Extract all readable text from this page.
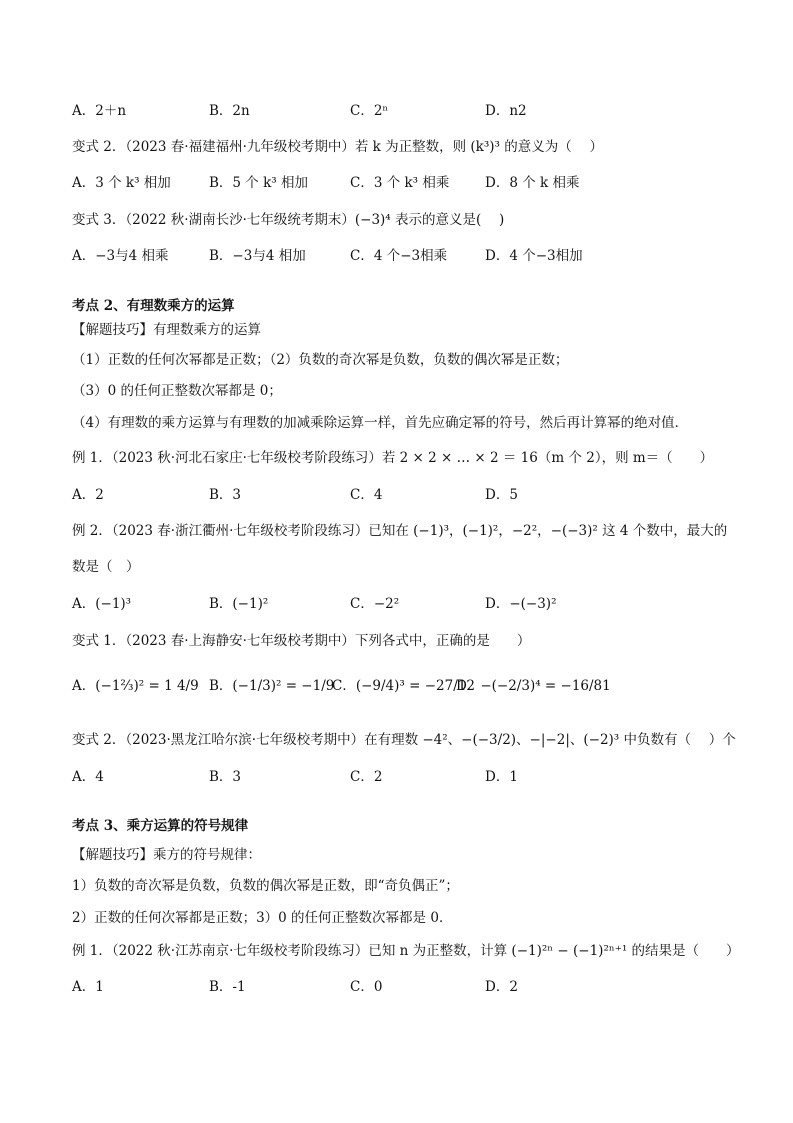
A．2＋n	B．2n	C．2ⁿ	D．n2
变式 2．（2023 春·福建福州·九年级校考期中）若 k 为正整数，则 (k³)³ 的意义为（　 ）
A．3 个 k³ 相加	B．5 个 k³ 相加	C．3 个 k³ 相乘	D．8 个 k 相乘
变式 3．（2022 秋·湖南长沙·七年级统考期末）(−3)⁴ 表示的意义是(　 )
A．−3与4 相乘	B．−3与4 相加	C．4 个−3相乘	D．4 个−3相加
考点 2、有理数乘方的运算
【解题技巧】有理数乘方的运算
（1）正数的任何次幂都是正数；（2）负数的奇次幂是负数，负数的偶次幂是正数；
（3）0 的任何正整数次幂都是 0；
（4）有理数的乘方运算与有理数的加减乘除运算一样，首先应确定幂的符号，然后再计算幂的绝对值．
例 1．（2023 秋·河北石家庄·七年级校考阶段练习）若 2 × 2 × … × 2 ＝ 16（m 个 2），则 m＝（　　）
A．2	B．3	C．4	D．5
例 2．（2023 春·浙江衢州·七年级校考阶段练习）已知在 (−1)³，(−1)²，−2²，−(−3)² 这 4 个数中，最大的
数是（　）
A．(−1)³	B．(−1)²	C．−2²	D．−(−3)²
变式 1．（2023 春·上海静安·七年级校考期中）下列各式中，正确的是　　）
A．(−1⅔)² = 1 4/9 B．(−1/3)² = −1/9
C．(−9/4)³ = −27/12
D．−(−2/3)⁴ = −16/81
变式 2．（2023·黑龙江哈尔滨·七年级校考期中）在有理数 −4²、−(−3/2)、−|−2|、(−2)³ 中负数有（　 ）个
A．4	B．3	C．2	D．1
考点 3、乘方运算的符号规律
【解题技巧】乘方的符号规律：
1）负数的奇次幂是负数，负数的偶次幂是正数，即“奇负偶正”；
2）正数的任何次幂都是正数；3）0 的任何正整数次幂都是 0．
例 1．（2022 秋·江苏南京·七年级校考阶段练习）已知 n 为正整数，计算 (−1)²ⁿ − (−1)²ⁿ⁺¹ 的结果是（　　）
A．1	B．-1	C．0	D．2
